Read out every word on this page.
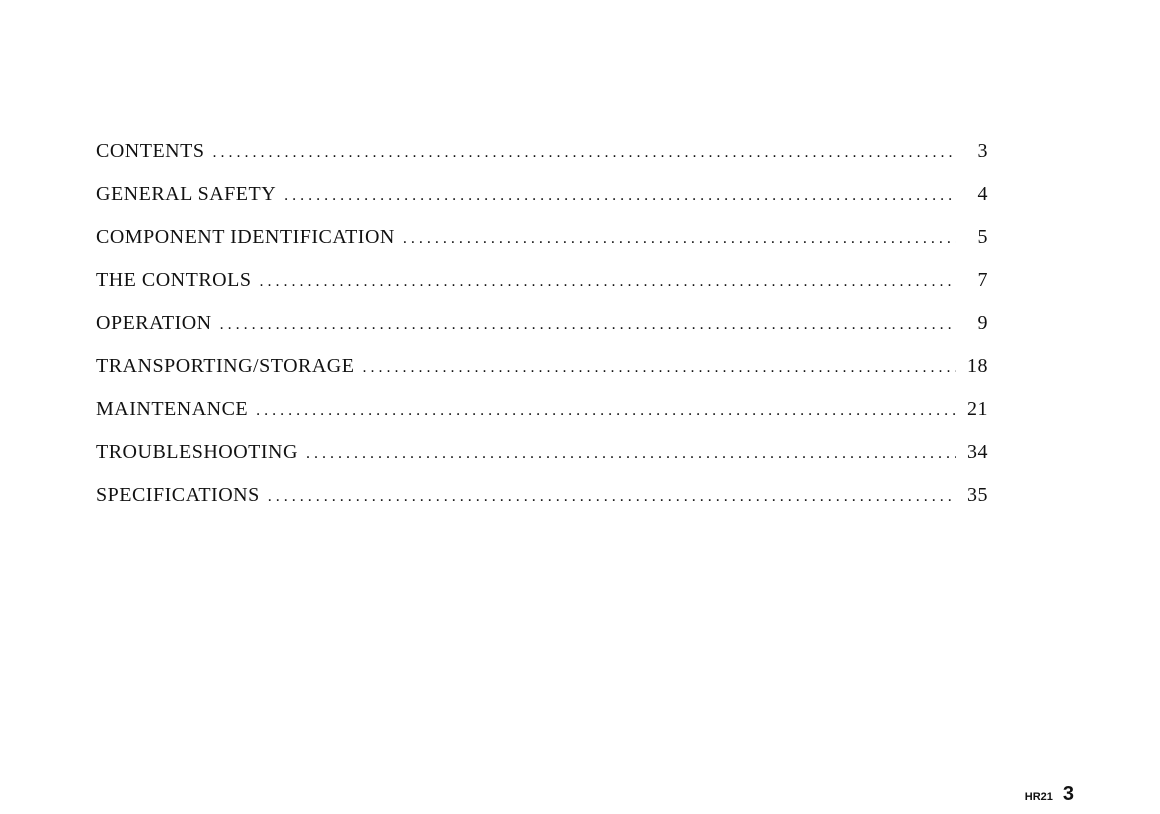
CONTENTS . . .	3
GENERAL SAFETY . . .	4
COMPONENT IDENTIFICATION . . .	5
THE CONTROLS . . .	7
OPERATION . . .	9
TRANSPORTING/STORAGE . . .	18
MAINTENANCE . . .	21
TROUBLESHOOTING . . .	34
SPECIFICATIONS . . .	35
HR21 3
